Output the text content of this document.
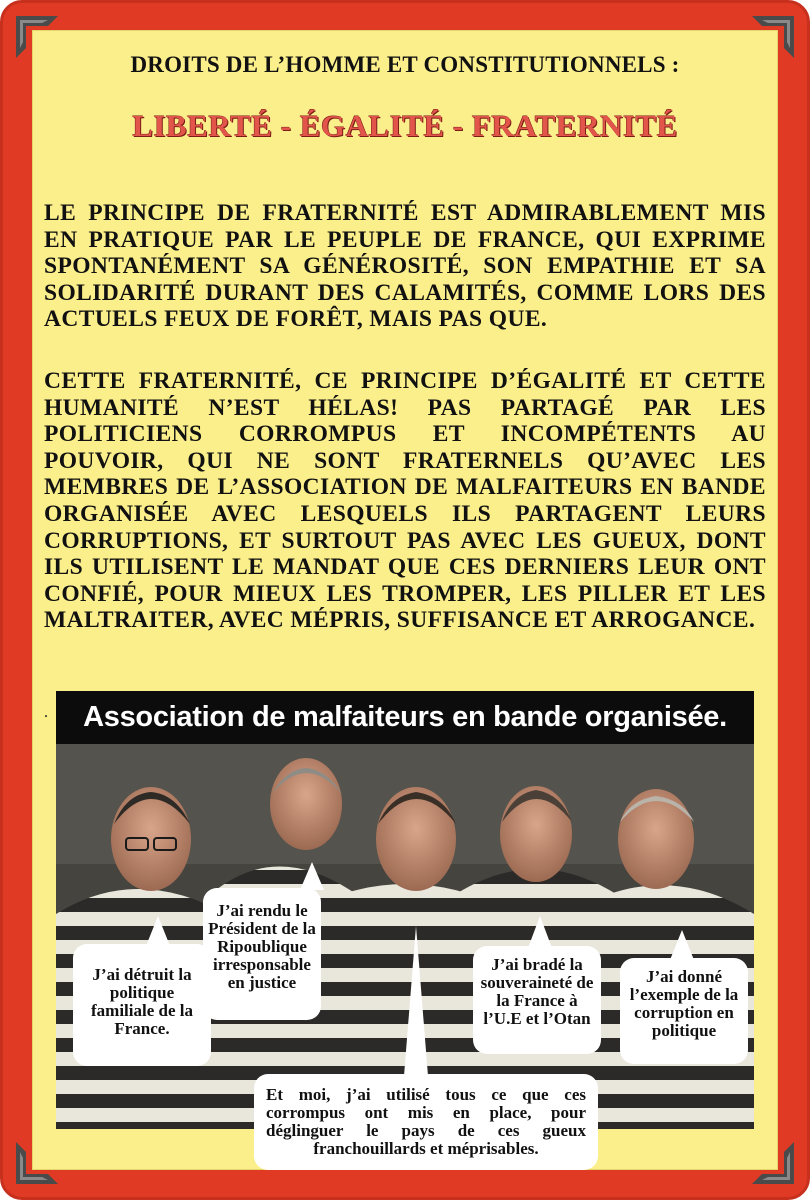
DROITS DE L’HOMME ET CONSTITUTIONNELS :
LIBERTÉ - ÉGALITÉ - FRATERNITÉ
LE PRINCIPE DE FRATERNITÉ EST ADMIRABLEMENT MIS EN PRATIQUE PAR LE PEUPLE DE FRANCE, QUI EXPRIME SPONTANÉMENT SA GÉNÉROSITÉ, SON EMPATHIE ET SA SOLIDARITÉ DURANT DES CALAMITÉS, COMME LORS DES ACTUELS FEUX DE FORÊT, MAIS PAS QUE.
CETTE FRATERNITÉ, CE PRINCIPE D’ÉGALITÉ ET CETTE HUMANITÉ N’EST HÉLAS! PAS PARTAGÉ PAR LES POLITICIENS CORROMPUS ET INCOMPÉTENTS AU POUVOIR, QUI NE SONT FRATERNELS QU’AVEC LES MEMBRES DE L’ASSOCIATION DE MALFAITEURS EN BANDE ORGANISÉE AVEC LESQUELS ILS PARTAGENT LEURS CORRUPTIONS, ET SURTOUT PAS AVEC LES GUEUX, DONT ILS UTILISENT LE MANDAT QUE CES DERNIERS LEUR ONT CONFIÉ, POUR MIEUX LES TROMPER, LES PILLER ET LES MALTRAITER, AVEC MÉPRIS, SUFFISANCE ET ARROGANCE.
.	Association de malfaiteurs en bande organisée.
J’ai détruit la politique familiale de la France.
J’ai rendu le Président de la Ripoublique irresponsable en justice
J’ai bradé la souveraineté de la France à l’U.E et l’Otan
J’ai donné l’exemple de la corruption en politique
Et moi, j’ai utilisé tous ce que ces corrompus ont mis en place, pour déglinguer le pays de ces gueux franchouillards et méprisables.
